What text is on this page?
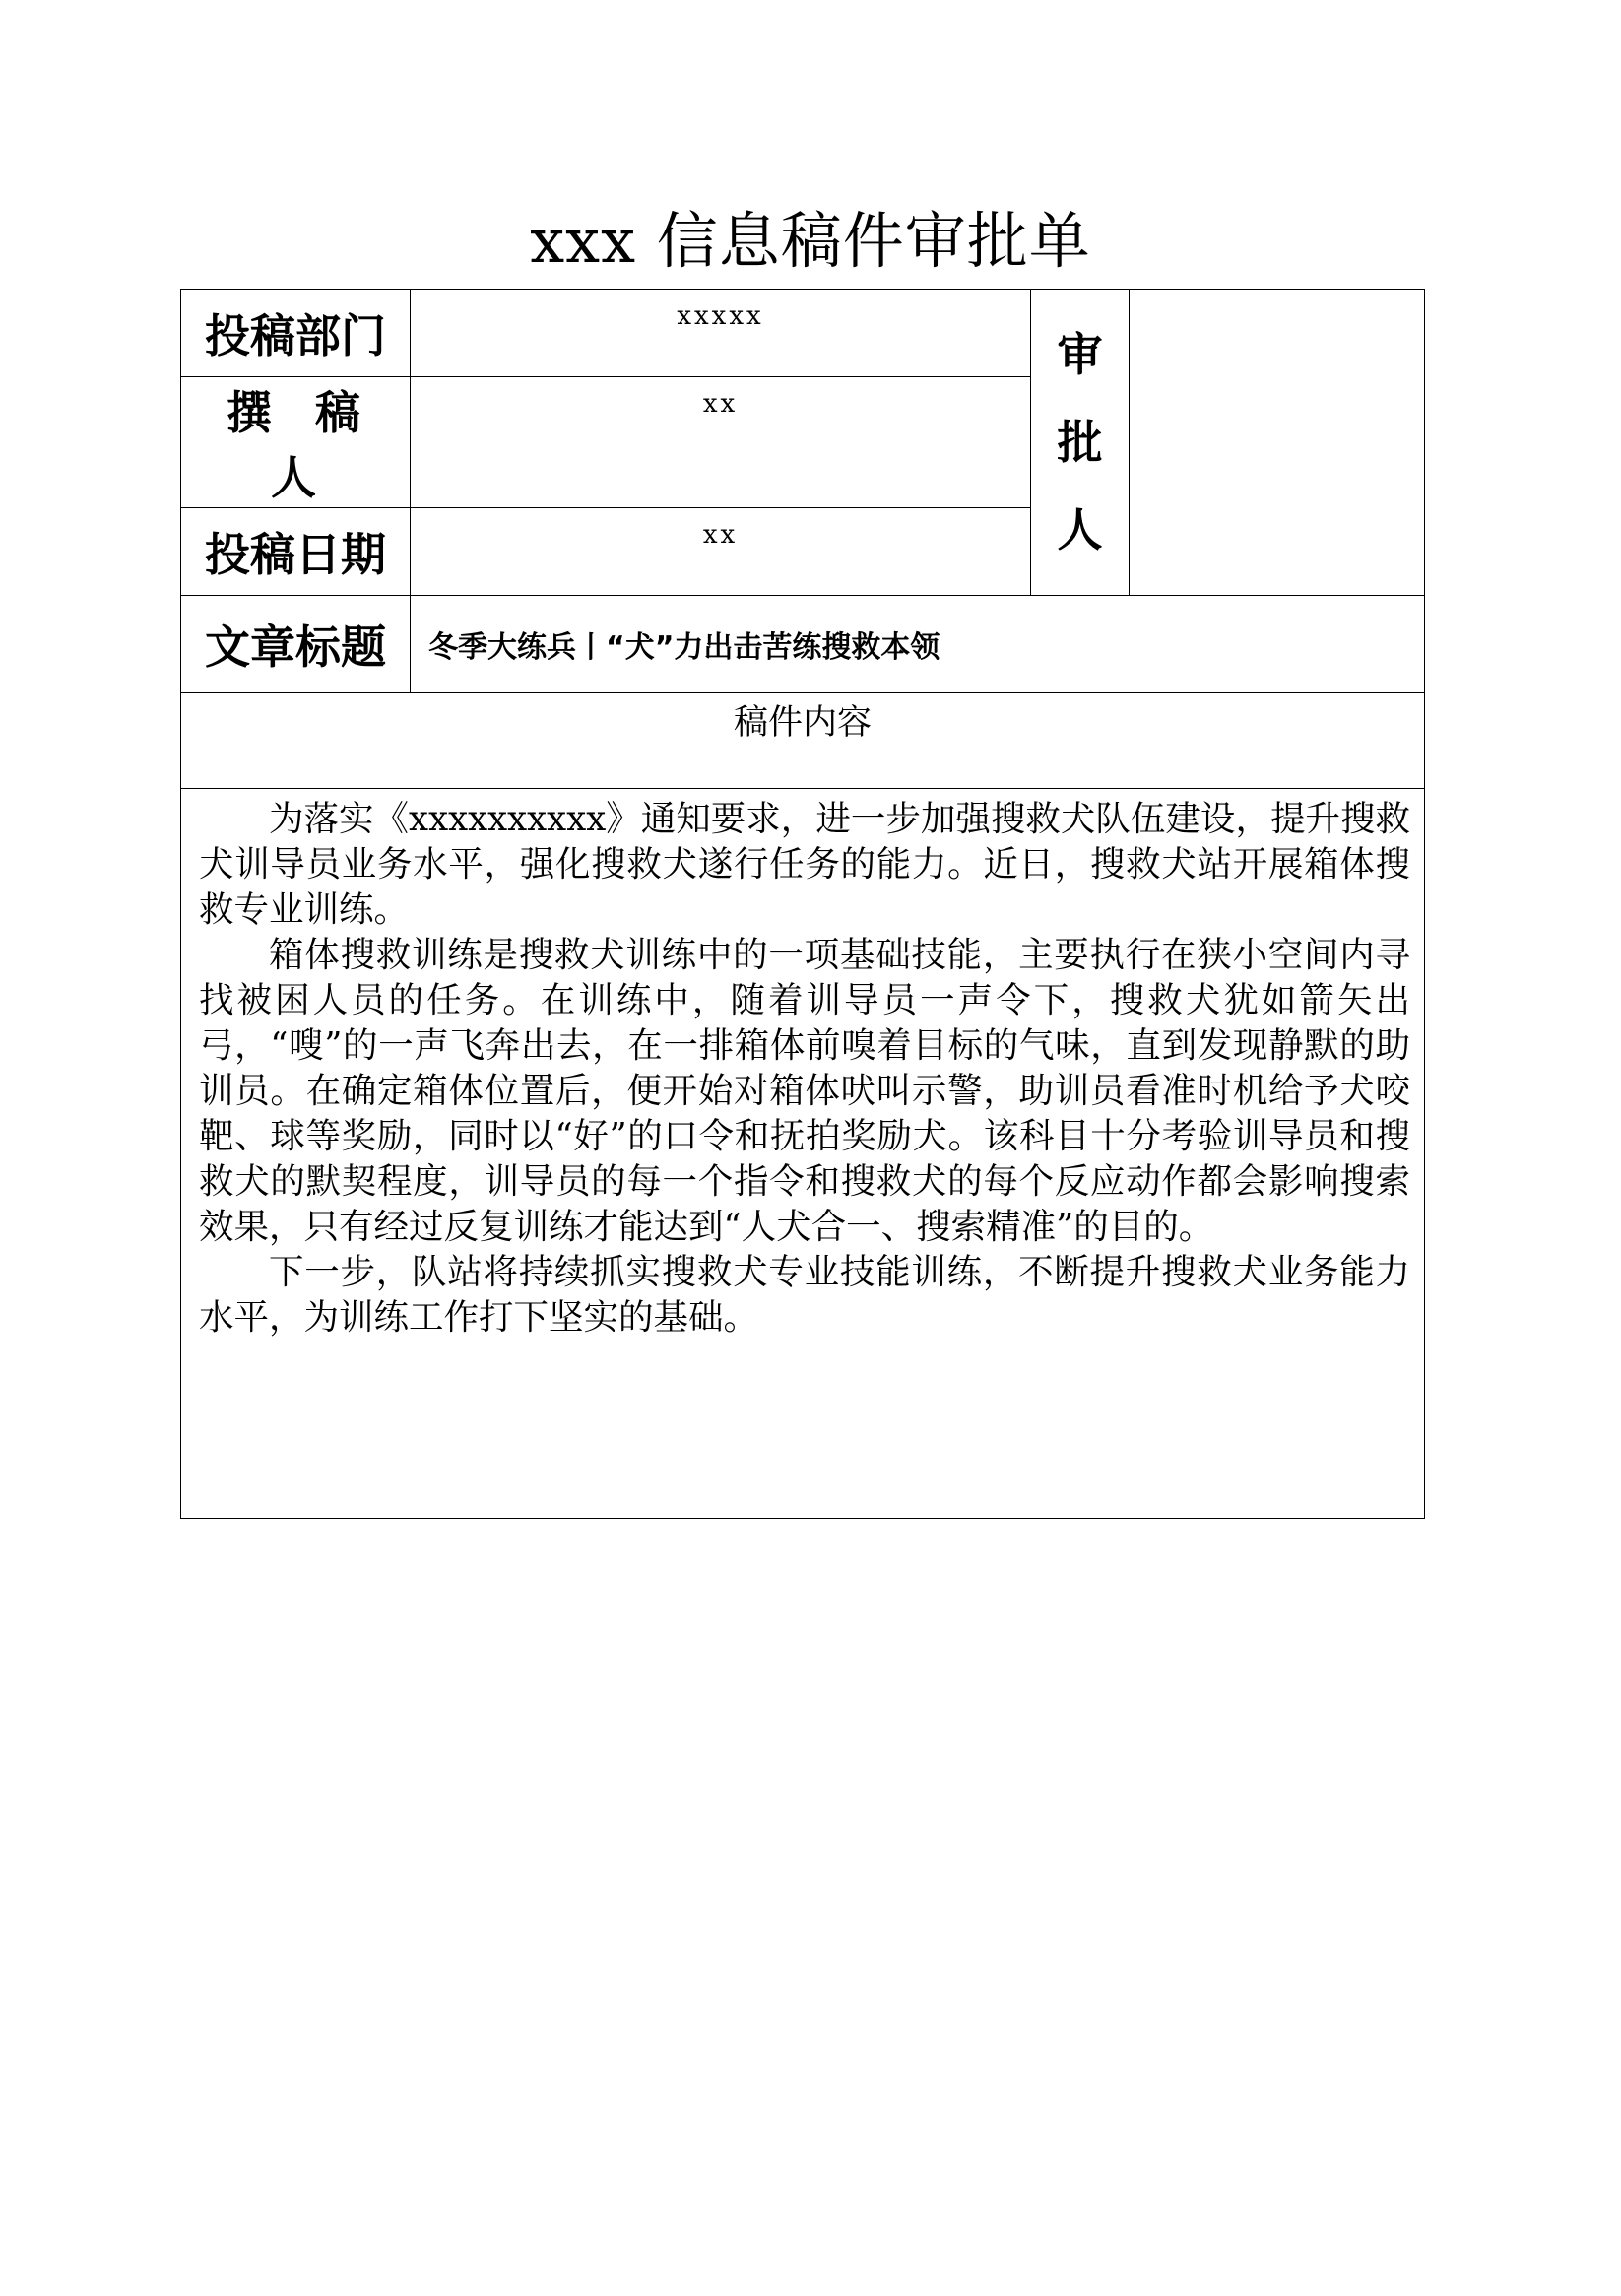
xxx 信息稿件审批单
投稿部门	xxxxx	审
批
人	

撰 稿 人	xx		
投稿日期	xx		
文章标题	冬季大练兵丨“犬”力出击苦练搜救本领		
稿件内容			

为落实《xxxxxxxxxx》通知要求，进一步加强搜救犬队伍建设，提升搜救犬训导员业务水平，强化搜救犬遂行任务的能力。近日，搜救犬站开展箱体搜救专业训练。

箱体搜救训练是搜救犬训练中的一项基础技能，主要执行在狭小空间内寻找被困人员的任务。在训练中，随着训导员一声令下，搜救犬犹如箭矢出弓，“嗖”的一声飞奔出去，在一排箱体前嗅着目标的气味，直到发现静默的助训员。在确定箱体位置后，便开始对箱体吠叫示警，助训员看准时机给予犬咬靶、球等奖励，同时以“好”的口令和抚拍奖励犬。该科目十分考验训导员和搜救犬的默契程度，训导员的每一个指令和搜救犬的每个反应动作都会影响搜索效果，只有经过反复训练才能达到“人犬合一、搜索精准”的目的。

下一步，队站将持续抓实搜救犬专业技能训练，不断提升搜救犬业务能力水平，为训练工作打下坚实的基础。			
